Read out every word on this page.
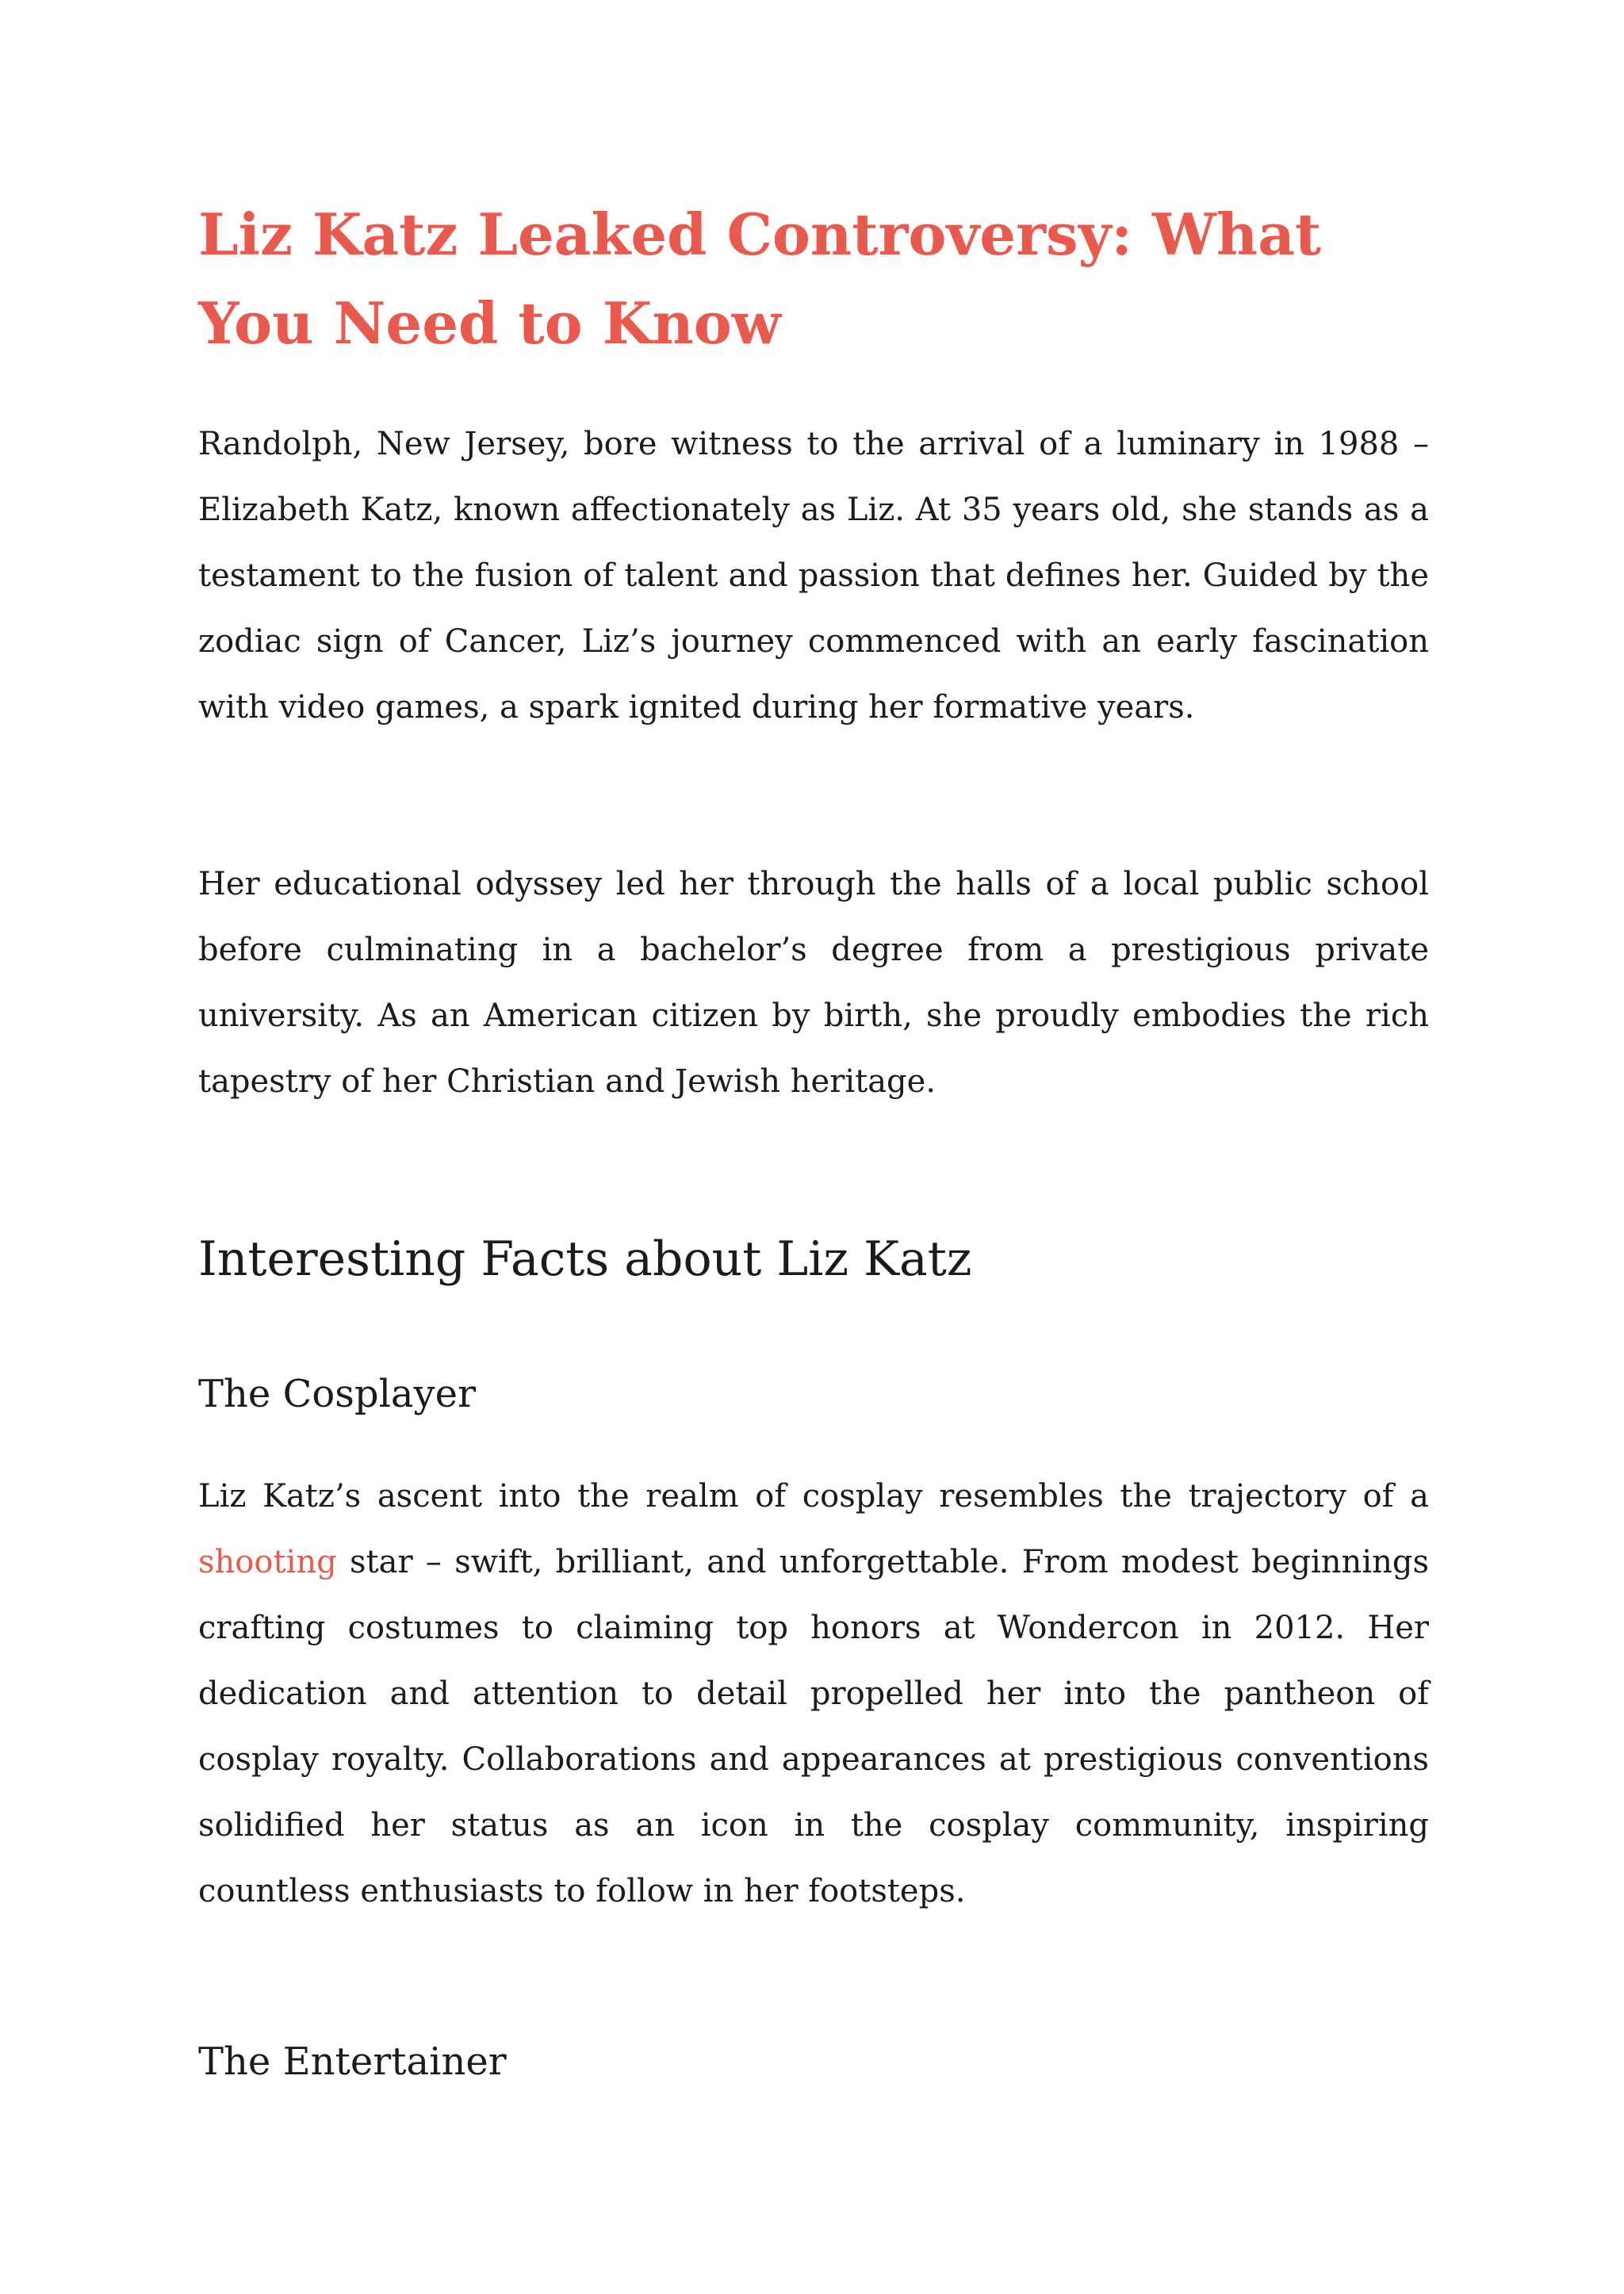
Liz Katz Leaked Controversy: What You Need to Know

Randolph, New Jersey, bore witness to the arrival of a luminary in 1988 – Elizabeth Katz, known affectionately as Liz. At 35 years old, she stands as a testament to the fusion of talent and passion that defines her. Guided by the zodiac sign of Cancer, Liz’s journey commenced with an early fascination with video games, a spark ignited during her formative years.

Her educational odyssey led her through the halls of a local public school before culminating in a bachelor’s degree from a prestigious private university. As an American citizen by birth, she proudly embodies the rich tapestry of her Christian and Jewish heritage.

Interesting Facts about Liz Katz
The Cosplayer

Liz Katz’s ascent into the realm of cosplay resembles the trajectory of a shooting star – swift, brilliant, and unforgettable. From modest beginnings crafting costumes to claiming top honors at Wondercon in 2012. Her dedication and attention to detail propelled her into the pantheon of cosplay royalty. Collaborations and appearances at prestigious conventions solidified her status as an icon in the cosplay community, inspiring countless enthusiasts to follow in her footsteps.

The Entertainer
